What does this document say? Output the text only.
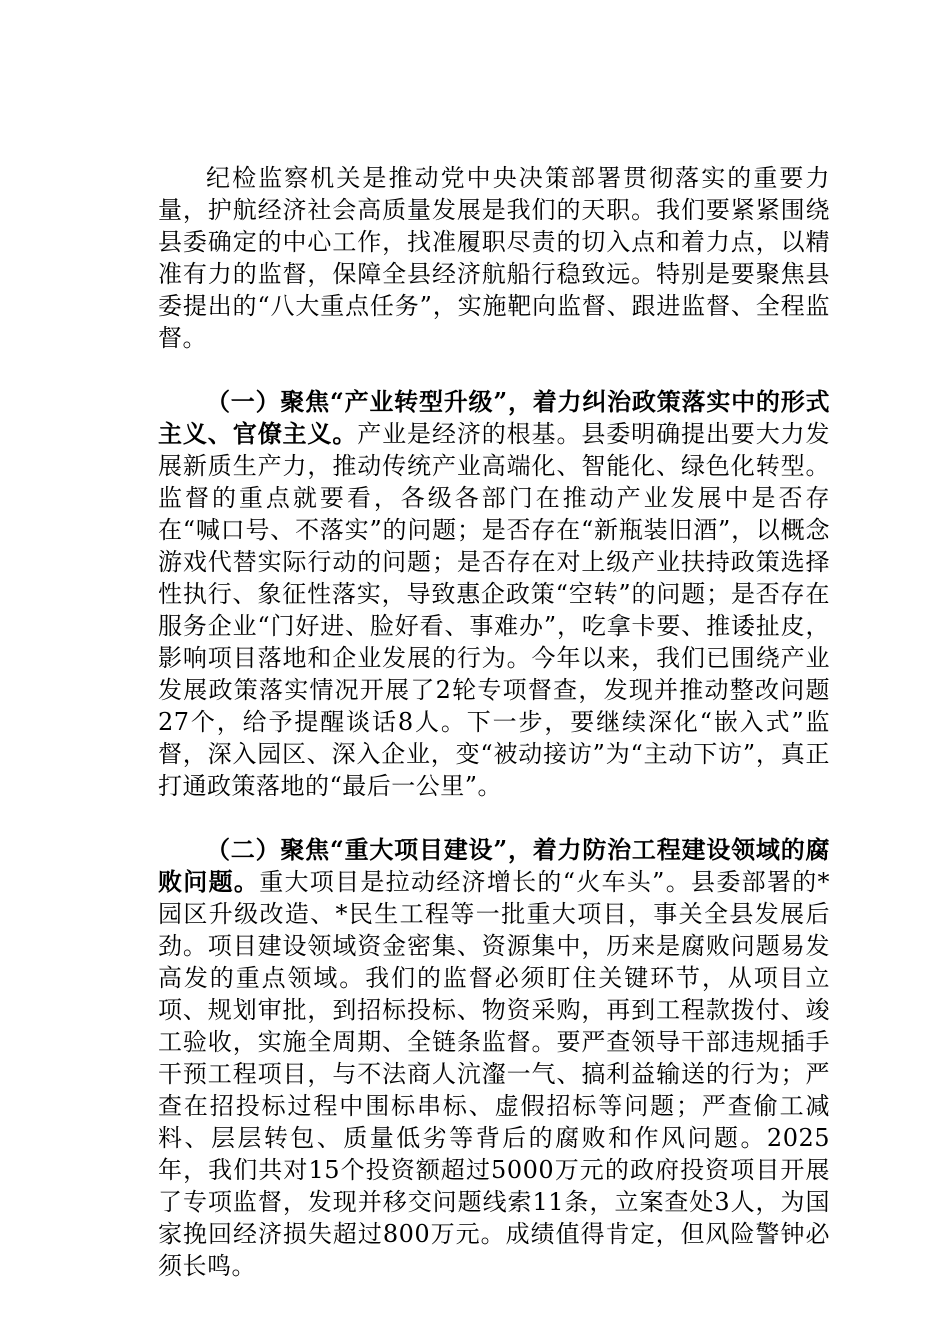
纪检监察机关是推动党中央决策部署贯彻落实的重要力量，护航经济社会高质量发展是我们的天职。我们要紧紧围绕县委确定的中心工作，找准履职尽责的切入点和着力点，以精准有力的监督，保障全县经济航船行稳致远。特别是要聚焦县委提出的“八大重点任务”，实施靶向监督、跟进监督、全程监督。

（一）聚焦“产业转型升级”，着力纠治政策落实中的形式主义、官僚主义。产业是经济的根基。县委明确提出要大力发展新质生产力，推动传统产业高端化、智能化、绿色化转型。监督的重点就要看，各级各部门在推动产业发展中是否存在“喊口号、不落实”的问题；是否存在“新瓶装旧酒”，以概念游戏代替实际行动的问题；是否存在对上级产业扶持政策选择性执行、象征性落实，导致惠企政策“空转”的问题；是否存在服务企业“门好进、脸好看、事难办”，吃拿卡要、推诿扯皮，影响项目落地和企业发展的行为。今年以来，我们已围绕产业发展政策落实情况开展了2轮专项督查，发现并推动整改问题27个，给予提醒谈话8人。下一步，要继续深化“嵌入式”监督，深入园区、深入企业，变“被动接访”为“主动下访”，真正打通政策落地的“最后一公里”。

（二）聚焦“重大项目建设”，着力防治工程建设领域的腐败问题。重大项目是拉动经济增长的“火车头”。县委部署的*园区升级改造、*民生工程等一批重大项目，事关全县发展后劲。项目建设领域资金密集、资源集中，历来是腐败问题易发高发的重点领域。我们的监督必须盯住关键环节，从项目立项、规划审批，到招标投标、物资采购，再到工程款拨付、竣工验收，实施全周期、全链条监督。要严查领导干部违规插手干预工程项目，与不法商人沆瀣一气、搞利益输送的行为；严查在招投标过程中围标串标、虚假招标等问题；严查偷工减料、层层转包、质量低劣等背后的腐败和作风问题。2025年，我们共对15个投资额超过5000万元的政府投资项目开展了专项监督，发现并移交问题线索11条，立案查处3人，为国家挽回经济损失超过800万元。成绩值得肯定，但风险警钟必须长鸣。
